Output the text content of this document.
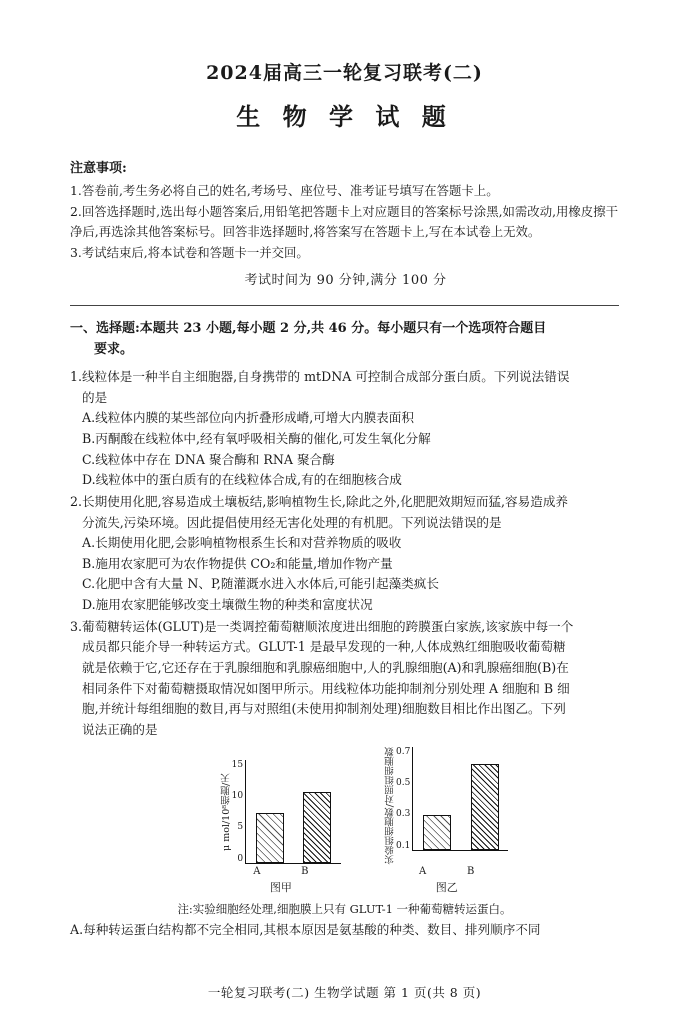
2024届高三一轮复习联考(二)
生 物 学 试 题
注意事项:
1.答卷前,考生务必将自己的姓名,考场号、座位号、准考证号填写在答题卡上。
2.回答选择题时,选出每小题答案后,用铅笔把答题卡上对应题目的答案标号涂黑,如需改动,用橡皮擦干净后,再选涂其他答案标号。回答非选择题时,将答案写在答题卡上,写在本试卷上无效。
3.考试结束后,将本试卷和答题卡一并交回。
考试时间为 90 分钟,满分 100 分
一、选择题:本题共 23 小题,每小题 2 分,共 46 分。每小题只有一个选项符合题目
要求。
1.线粒体是一种半自主细胞器,自身携带的 mtDNA 可控制合成部分蛋白质。下列说法错误
的是
A.线粒体内膜的某些部位向内折叠形成嵴,可增大内膜表面积
B.丙酮酸在线粒体中,经有氧呼吸相关酶的催化,可发生氧化分解
C.线粒体中存在 DNA 聚合酶和 RNA 聚合酶
D.线粒体中的蛋白质有的在线粒体合成,有的在细胞核合成
2.长期使用化肥,容易造成土壤板结,影响植物生长,除此之外,化肥肥效期短而猛,容易造成养
分流失,污染环境。因此提倡使用经无害化处理的有机肥。下列说法错误的是
A.长期使用化肥,会影响植物根系生长和对营养物质的吸收
B.施用农家肥可为农作物提供 CO₂和能量,增加作物产量
C.化肥中含有大量 N、P,随灌溉水进入水体后,可能引起藻类疯长
D.施用农家肥能够改变土壤微生物的种类和富度状况
3.葡萄糖转运体(GLUT)是一类调控葡萄糖顺浓度进出细胞的跨膜蛋白家族,该家族中每一个
成员都只能介导一种转运方式。GLUT-1 是最早发现的一种,人体成熟红细胞吸收葡萄糖
就是依赖于它,它还存在于乳腺细胞和乳腺癌细胞中,人的乳腺细胞(A)和乳腺癌细胞(B)在
相同条件下对葡萄糖摄取情况如图甲所示。用线粒体功能抑制剂分别处理 A 细胞和 B 细
胞,并统计每组细胞的数目,再与对照组(未使用抑制剂处理)细胞数目相比作出图乙。下列
说法正确的是
μ mol/10⁸细胞/天
15
10
5
0
A	B
图甲
实验组细胞数/对照组细胞数 0.7
0.5
0.3
0.1
A	B
图乙
注:实验细胞经处理,细胞膜上只有 GLUT-1 一种葡萄糖转运蛋白。
A.每种转运蛋白结构都不完全相同,其根本原因是氨基酸的种类、数目、排列顺序不同
一轮复习联考(二) 生物学试题 第 1 页(共 8 页)
